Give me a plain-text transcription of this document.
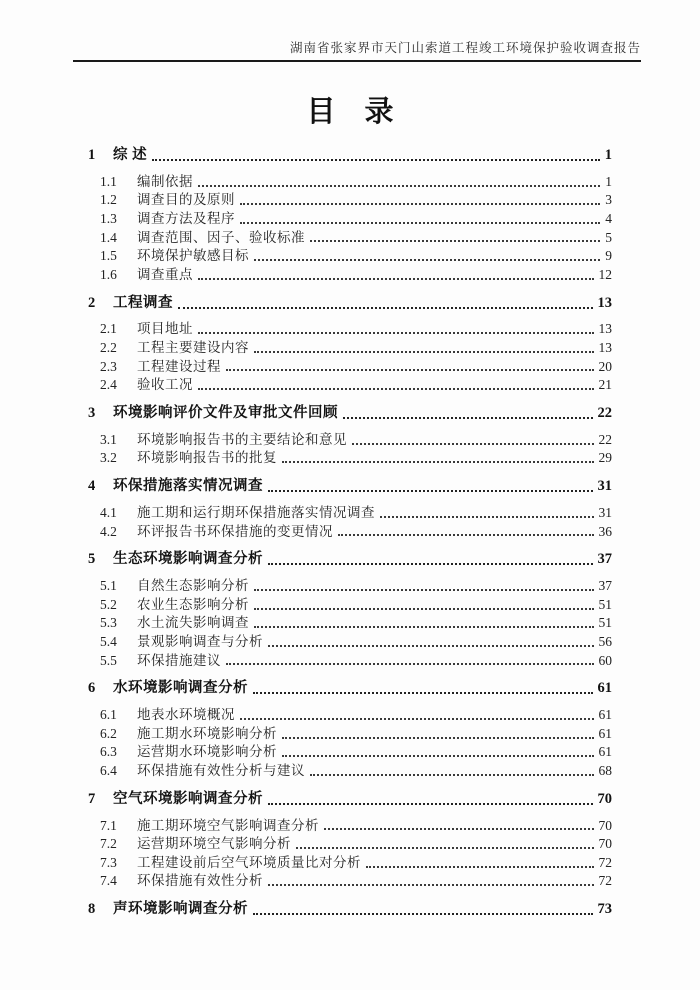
湖南省张家界市天门山索道工程竣工环境保护验收调查报告
目　录
1	综 述	1
1.1	编制依据	1
1.2	调查目的及原则	3
1.3	调查方法及程序	4
1.4	调查范围、因子、验收标准	5
1.5	环境保护敏感目标	9
1.6	调查重点	12
2	工程调查	13
2.1	项目地址	13
2.2	工程主要建设内容	13
2.3	工程建设过程	20
2.4	验收工况	21
3	环境影响评价文件及审批文件回顾	22
3.1	环境影响报告书的主要结论和意见	22
3.2	环境影响报告书的批复	29
4	环保措施落实情况调查	31
4.1	施工期和运行期环保措施落实情况调查	31
4.2	环评报告书环保措施的变更情况	36
5	生态环境影响调查分析	37
5.1	自然生态影响分析	37
5.2	农业生态影响分析	51
5.3	水土流失影响调查	51
5.4	景观影响调查与分析	56
5.5	环保措施建议	60
6	水环境影响调查分析	61
6.1	地表水环境概况	61
6.2	施工期水环境影响分析	61
6.3	运营期水环境影响分析	61
6.4	环保措施有效性分析与建议	68
7	空气环境影响调查分析	70
7.1	施工期环境空气影响调查分析	70
7.2	运营期环境空气影响分析	70
7.3	工程建设前后空气环境质量比对分析	72
7.4	环保措施有效性分析	72
8	声环境影响调查分析	73
